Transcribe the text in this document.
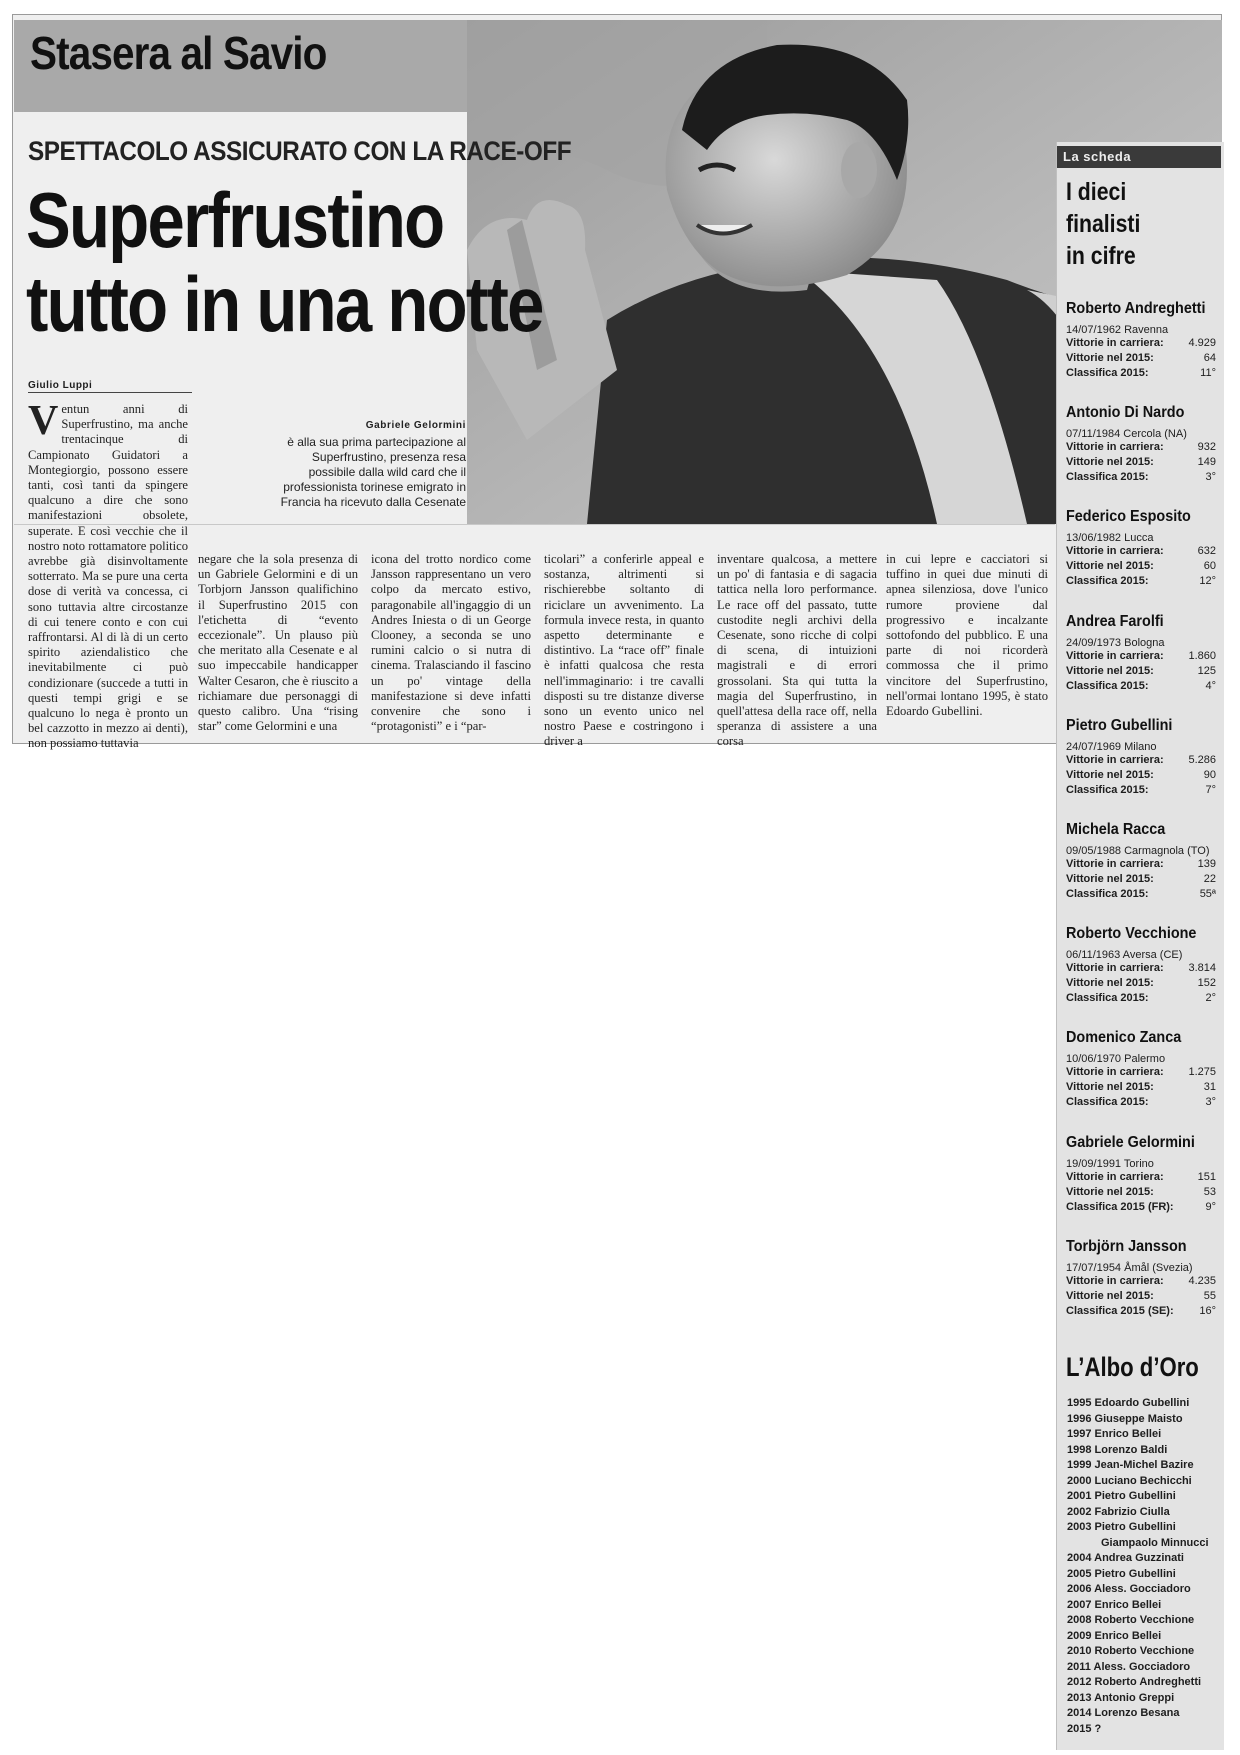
Stasera al Savio
SPETTACOLO ASSICURATO CON LA RACE-OFF
Superfrustino
tutto in una notte
Giulio Luppi
Gabriele Gelormini
è alla sua prima partecipazione al Superfrustino, presenza resa possibile dalla wild card che il professionista torinese emigrato in Francia ha ricevuto dalla Cesenate
Ventun anni di Superfrustino, ma anche trentacinque di Campionato Guidatori a Montegiorgio, possono essere tanti, così tanti da spingere qualcuno a dire che sono manifestazioni obsolete, superate. E così vecchie che il nostro noto rottamatore politico avrebbe già disinvoltamente sotterrato. Ma se pure una certa dose di verità va concessa, ci sono tuttavia altre circostanze di cui tenere conto e con cui raffrontarsi. Al di là di un certo spirito aziendalistico che inevitabilmente ci può condizionare (succede a tutti in questi tempi grigi e se qualcuno lo nega è pronto un bel cazzotto in mezzo ai denti), non possiamo tuttavia
negare che la sola presenza di un Gabriele Gelormini e di un Torbjorn Jansson qualifichino il Superfrustino 2015 con l'etichetta di “evento eccezionale”. Un plauso più che meritato alla Cesenate e al suo impeccabile handicapper Walter Cesaron, che è riuscito a richiamare due personaggi di questo calibro. Una “rising star” come Gelormini e una
icona del trotto nordico come Jansson rappresentano un vero colpo da mercato estivo, paragonabile all'ingaggio di un Andres Iniesta o di un George Clooney, a seconda se uno rumini calcio o si nutra di cinema. Tralasciando il fascino un po' vintage della manifestazione si deve infatti convenire che sono i “protagonisti” e i “par-
ticolari” a conferirle appeal e sostanza, altrimenti si rischierebbe soltanto di riciclare un avvenimento. La formula invece resta, in quanto aspetto determinante e distintivo. La “race off” finale è infatti qualcosa che resta nell'immaginario: i tre cavalli disposti su tre distanze diverse sono un evento unico nel nostro Paese e costringono i driver a
inventare qualcosa, a mettere un po' di fantasia e di sagacia tattica nella loro performance. Le race off del passato, tutte custodite negli archivi della Cesenate, sono ricche di colpi di scena, di intuizioni magistrali e di errori grossolani. Sta qui tutta la magia del Superfrustino, in quell'attesa della race off, nella speranza di assistere a una corsa
in cui lepre e cacciatori si tuffino in quei due minuti di apnea silenziosa, dove l'unico rumore proviene dal progressivo e incalzante sottofondo del pubblico. E una parte di noi ricorderà commossa che il primo vincitore del Superfrustino, nell'ormai lontano 1995, è stato Edoardo Gubellini.
La scheda
I dieci
finalisti
in cifre
Roberto Andreghetti
14/07/1962 Ravenna
Vittorie in carriera: 4.929
Vittorie nel 2015:	64
Classifica 2015:	11°
Antonio Di Nardo
07/11/1984 Cercola (NA)
Vittorie in carriera:	932
Vittorie nel 2015:	149
Classifica 2015:	3°
Federico Esposito
13/06/1982 Lucca
Vittorie in carriera:	632
Vittorie nel 2015:	60
Classifica 2015:	12°
Andrea Farolfi
24/09/1973 Bologna
Vittorie in carriera: 1.860
Vittorie nel 2015:	125
Classifica 2015:	4°
Pietro Gubellini
24/07/1969 Milano
Vittorie in carriera: 5.286
Vittorie nel 2015:	90
Classifica 2015:	7°
Michela Racca
09/05/1988 Carmagnola (TO)
Vittorie in carriera:	139
Vittorie nel 2015:	22
Classifica 2015:	55ª
Roberto Vecchione
06/11/1963 Aversa (CE)
Vittorie in carriera: 3.814
Vittorie nel 2015:	152
Classifica 2015:	2°
Domenico Zanca
10/06/1970 Palermo
Vittorie in carriera: 1.275
Vittorie nel 2015:	31
Classifica 2015:	3°
Gabriele Gelormini
19/09/1991 Torino
Vittorie in carriera:	151
Vittorie nel 2015:	53
Classifica 2015 (FR):	9°
Torbjörn Jansson
17/07/1954 Åmål (Svezia)
Vittorie in carriera: 4.235
Vittorie nel 2015:	55
Classifica 2015 (SE): 16°
L’Albo d’Oro
1995 Edoardo Gubellini
1996 Giuseppe Maisto
1997 Enrico Bellei
1998 Lorenzo Baldi
1999 Jean-Michel Bazire
2000 Luciano Bechicchi
2001 Pietro Gubellini
2002 Fabrizio Ciulla
2003 Pietro Gubellini
Giampaolo Minnucci
2004 Andrea Guzzinati
2005 Pietro Gubellini
2006 Aless. Gocciadoro
2007 Enrico Bellei
2008 Roberto Vecchione
2009 Enrico Bellei
2010 Roberto Vecchione
2011 Aless. Gocciadoro
2012 Roberto Andreghetti
2013 Antonio Greppi
2014 Lorenzo Besana
2015 ?
